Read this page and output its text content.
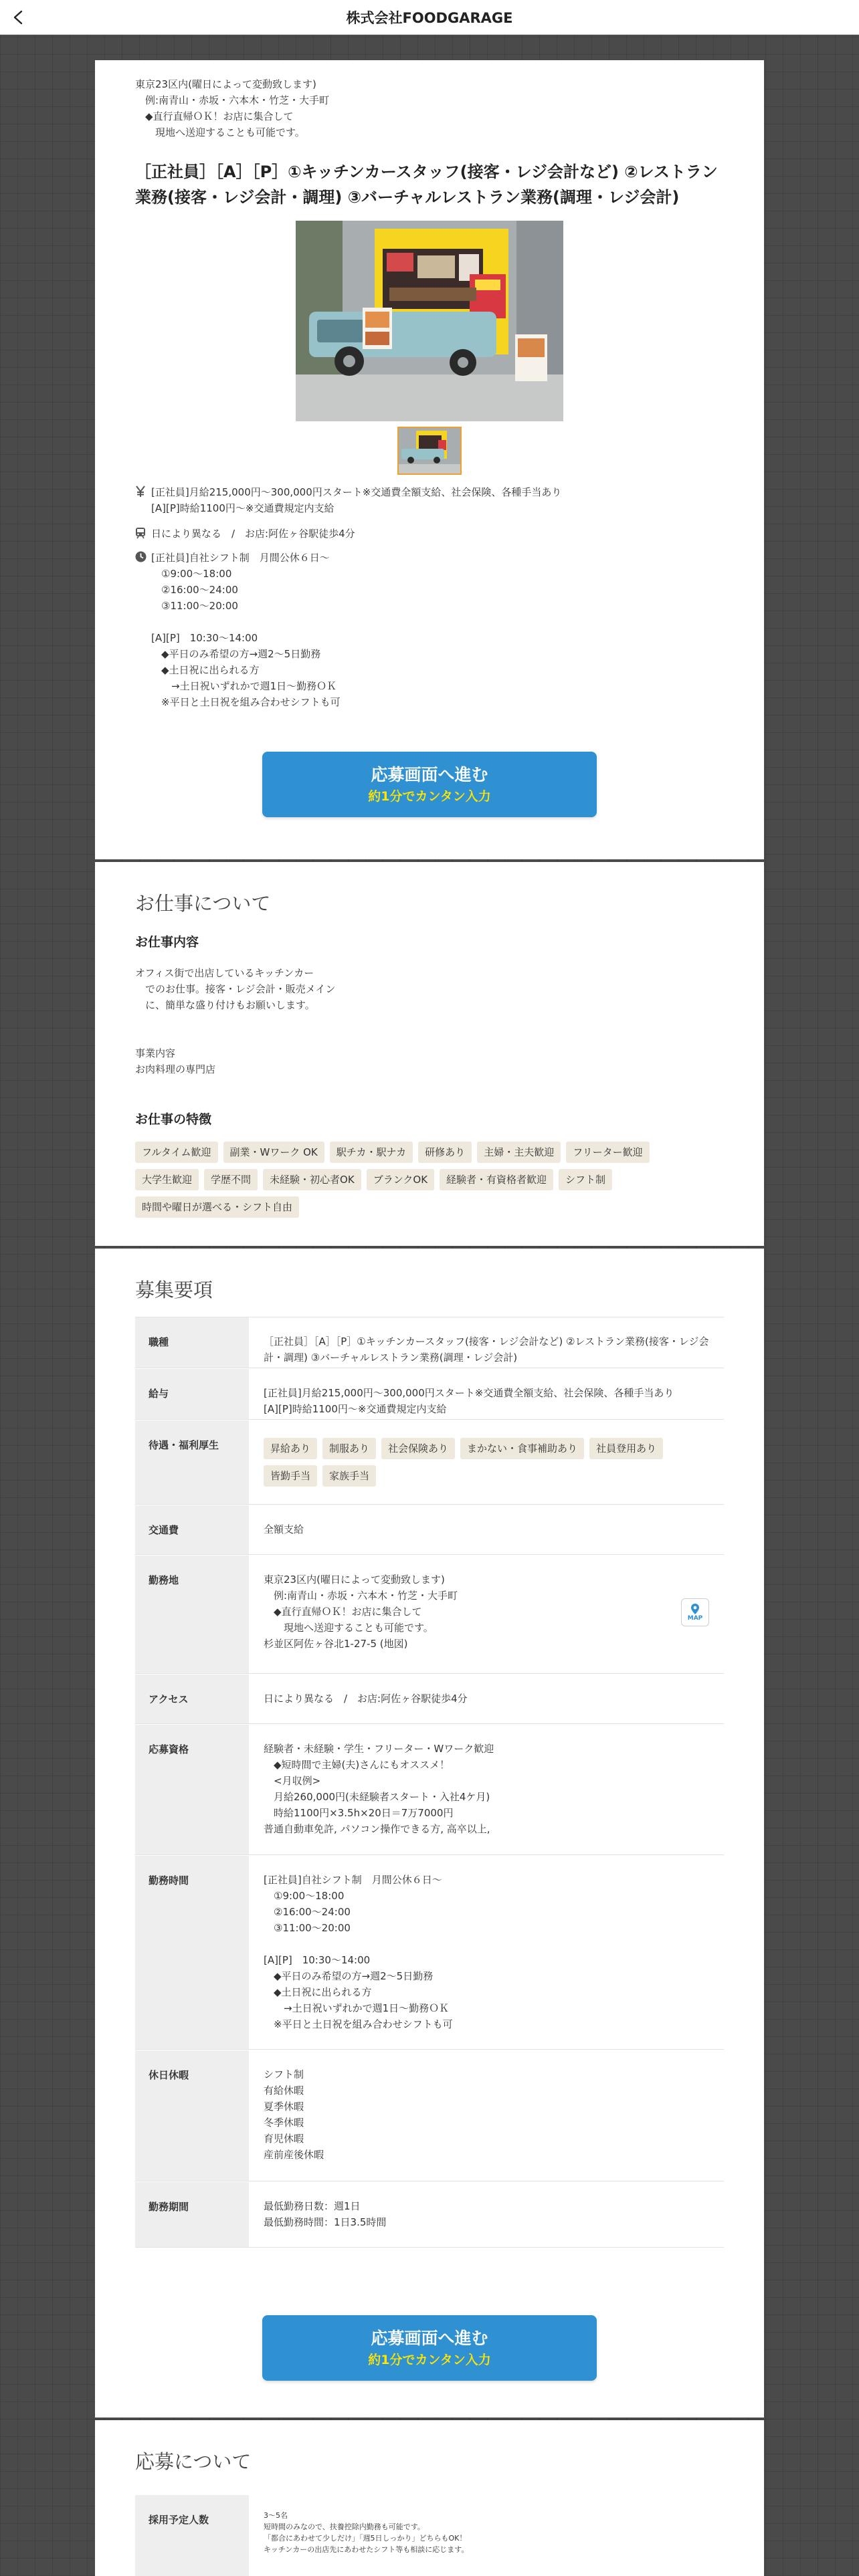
株式会社FOODGARAGE
東京23区内(曜日によって変動致します)
　例:南青山・赤坂・六本木・竹芝・大手町
　◆直行直帰ＯＫ！お店に集合して
　　現地へ送迎することも可能です。
［正社員］［A］［P］①キッチンカースタッフ(接客・レジ会計など) ②レストラン業務(接客・レジ会計・調理) ③バーチャルレストラン業務(調理・レジ会計)
[正社員]月給215,000円～300,000円スタート※交通費全額支給、社会保険、各種手当あり
[A][P]時給1100円～※交通費規定内支給
日により異なる　/　お店:阿佐ヶ谷駅徒歩4分
[正社員]自社シフト制　月間公休６日～
　①9:00～18:00
　②16:00～24:00
　③11:00～20:00

[A][P]　10:30～14:00
　◆平日のみ希望の方→週2～5日勤務
　◆土日祝に出られる方
　　→土日祝いずれかで週1日～勤務ＯＫ
　※平日と土日祝を組み合わせシフトも可
応募画面へ進む
約1分でカンタン入力
お仕事について
お仕事内容
オフィス街で出店しているキッチンカー
　でのお仕事。接客・レジ会計・販売メイン
　に、簡単な盛り付けもお願いします。

事業内容
お肉料理の専門店
お仕事の特徴
フルタイム歓迎	副業・Wワーク OK	駅チカ・駅ナカ	研修あり	主婦・主夫歓迎	フリーター歓迎
大学生歓迎	学歴不問	未経験・初心者OK	ブランクOK	経験者・有資格者歓迎	シフト制
時間や曜日が選べる・シフト自由
募集要項
職種	［正社員］［A］［P］①キッチンカースタッフ(接客・レジ会計など) ②レストラン業務(接客・レジ会計・調理) ③バーチャルレストラン業務(調理・レジ会計)
給与	[正社員]月給215,000円～300,000円スタート※交通費全額支給、社会保険、各種手当あり
[A][P]時給1100円～※交通費規定内支給
待遇・福利厚生	昇給あり	制服あり	社会保険あり	まかない・食事補助あり	社員登用あり
皆勤手当	家族手当
交通費	全額支給
勤務地	東京23区内(曜日によって変動致します)
　例:南青山・赤坂・六本木・竹芝・大手町
　◆直行直帰ＯＫ！お店に集合して
　　現地へ送迎することも可能です。
杉並区阿佐ヶ谷北1-27-5 (地図)
MAP
アクセス	日により異なる　/　お店:阿佐ヶ谷駅徒歩4分
応募資格	経験者・未経験・学生・フリーター・Wワーク歓迎
　◆短時間で主婦(夫)さんにもオススメ！
　<月収例>
　月給260,000円(未経験者スタート・入社4ケ月)
　時給1100円×3.5h×20日＝7万7000円
普通自動車免許, パソコン操作できる方, 高卒以上,
勤務時間	[正社員]自社シフト制　月間公休６日～
　①9:00～18:00
　②16:00～24:00
　③11:00～20:00

[A][P]　10:30～14:00
　◆平日のみ希望の方→週2～5日勤務
　◆土日祝に出られる方
　　→土日祝いずれかで週1日～勤務ＯＫ
　※平日と土日祝を組み合わせシフトも可
休日休暇	シフト制
有給休暇
夏季休暇
冬季休暇
育児休暇
産前産後休暇
勤務期間	最低勤務日数：週1日
最低勤務時間：1日3.5時間
応募画面へ進む
約1分でカンタン入力
応募について
採用予定人数	3～5名
短時間のみなので、扶養控除内勤務も可能です。
「都合にあわせて少しだけ」「週5日しっかり」どちらもOK！
キッチンカーの出店先にあわせたシフト等も相談に応じます。
